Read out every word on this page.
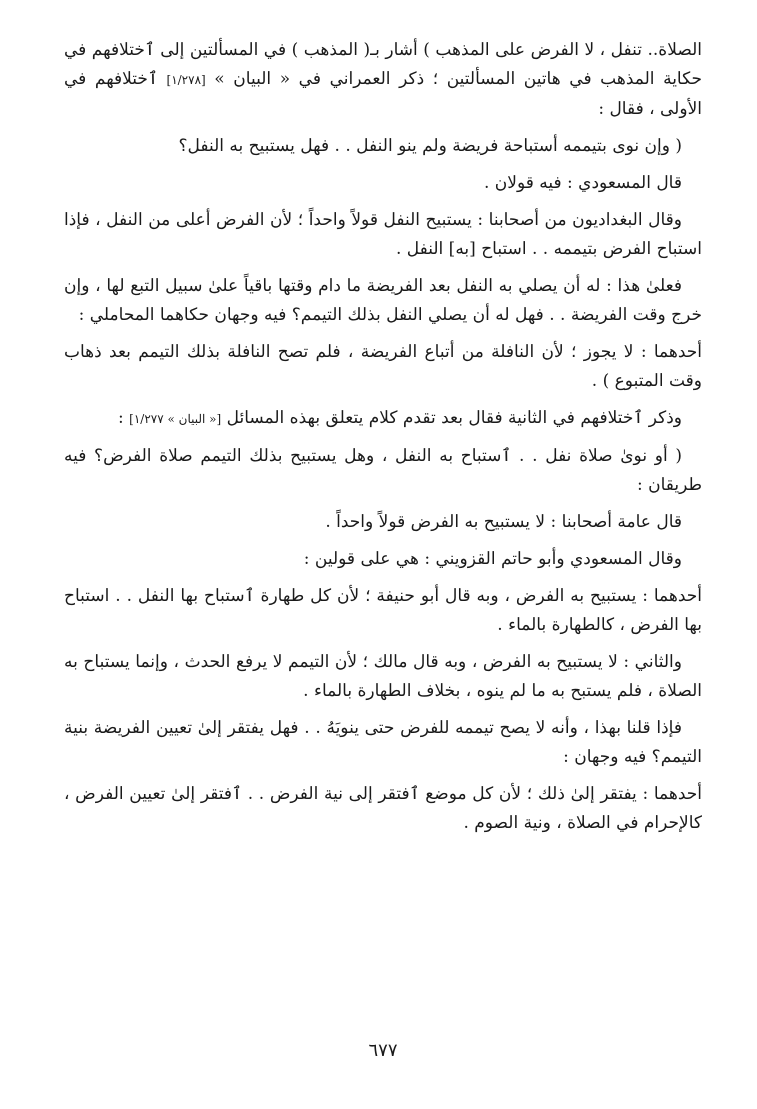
الصلاة.. تنفل ، لا الفرض على المذهب ) أشار بـ( المذهب ) في المسألتين إلى ٱختلافهم في حكاية المذهب في هاتين المسألتين ؛ ذكر العمراني في « البيان » [١/٢٧٨] ٱختلافهم في الأولى ، فقال :

( وإن نوى بتيممه أستباحة فريضة ولم ينو النفل . . فهل يستبيح به النفل؟

قال المسعودي : فيه قولان .

وقال البغداديون من أصحابنا : يستبيح النفل قولاً واحداً ؛ لأن الفرض أعلى من النفل ، فإذا استباح الفرض بتيممه . . استباح [به] النفل .

فعلىٰ هذا : له أن يصلي به النفل بعد الفريضة ما دام وقتها باقياً علىٰ سبيل التبع لها ، وإن خرج وقت الفريضة . . فهل له أن يصلي النفل بذلك التيمم؟ فيه وجهان حكاهما المحاملي :

أحدهما : لا يجوز ؛ لأن النافلة من أتباع الفريضة ، فلم تصح النافلة بذلك التيمم بعد ذهاب وقت المتبوع ) .

وذكر ٱختلافهم في الثانية فقال بعد تقدم كلام يتعلق بهذه المسائل [« البيان » ١/٢٧٧] :

( أو نوىٰ صلاة نفل . . ٱستباح به النفل ، وهل يستبيح بذلك التيمم صلاة الفرض؟ فيه طريقان :

قال عامة أصحابنا : لا يستبيح به الفرض قولاً واحداً .

وقال المسعودي وأبو حاتم القزويني : هي على قولين :

أحدهما : يستبيح به الفرض ، وبه قال أبو حنيفة ؛ لأن كل طهارة ٱستباح بها النفل . . استباح بها الفرض ، كالطهارة بالماء .

والثاني : لا يستبيح به الفرض ، وبه قال مالك ؛ لأن التيمم لا يرفع الحدث ، وإنما يستباح به الصلاة ، فلم يستبح به ما لم ينوه ، بخلاف الطهارة بالماء .

فإذا قلنا بهذا ، وأنه لا يصح تيممه للفرض حتى ينويَهُ . . فهل يفتقر إلىٰ تعيين الفريضة بنية التيمم؟ فيه وجهان :

أحدهما : يفتقر إلىٰ ذلك ؛ لأن كل موضع ٱفتقر إلى نية الفرض . . ٱفتقر إلىٰ تعيين الفرض ، كالإحرام في الصلاة ، ونية الصوم .

٦٧٧
